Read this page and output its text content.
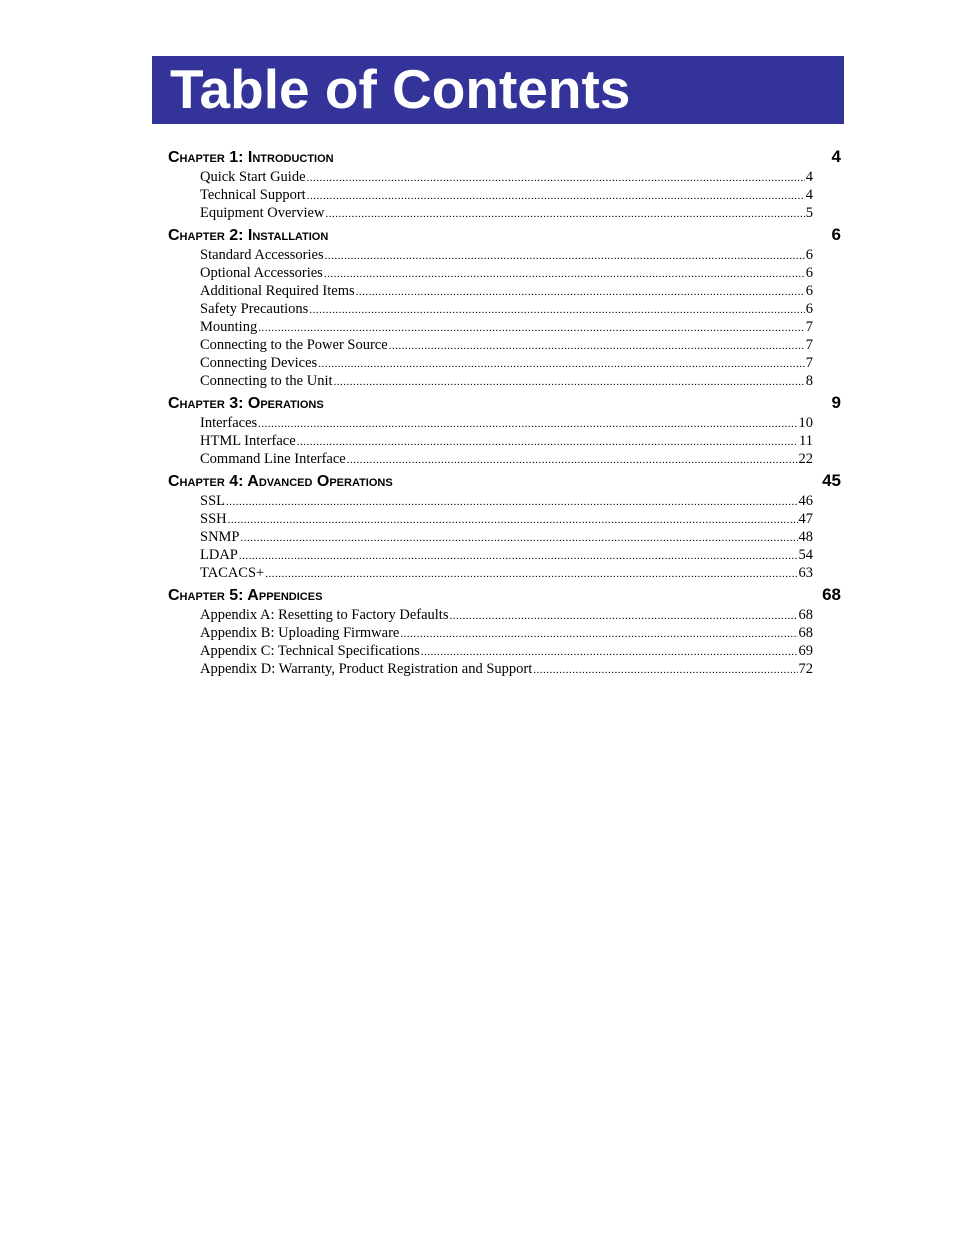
Table of Contents
Chapter 1: Introduction	4
Quick Start Guide .....	4
Technical Support .....	4
Equipment Overview .....	5
Chapter 2: Installation	6
Standard Accessories .....	6
Optional Accessories .....	6
Additional Required Items .....	6
Safety Precautions .....	6
Mounting .....	7
Connecting to the Power Source .....	7
Connecting Devices .....	7
Connecting to the Unit .....	8
Chapter 3: Operations	9
Interfaces .....	10
HTML Interface .....	11
Command Line Interface .....	22
Chapter 4: Advanced Operations	45
SSL .....	46
SSH .....	47
SNMP .....	48
LDAP .....	54
TACACS+ .....	63
Chapter 5: Appendices	68
Appendix A: Resetting to Factory Defaults .....	68
Appendix B: Uploading Firmware .....	68
Appendix C: Technical Specifications .....	69
Appendix D: Warranty, Product Registration and Support .....	72
